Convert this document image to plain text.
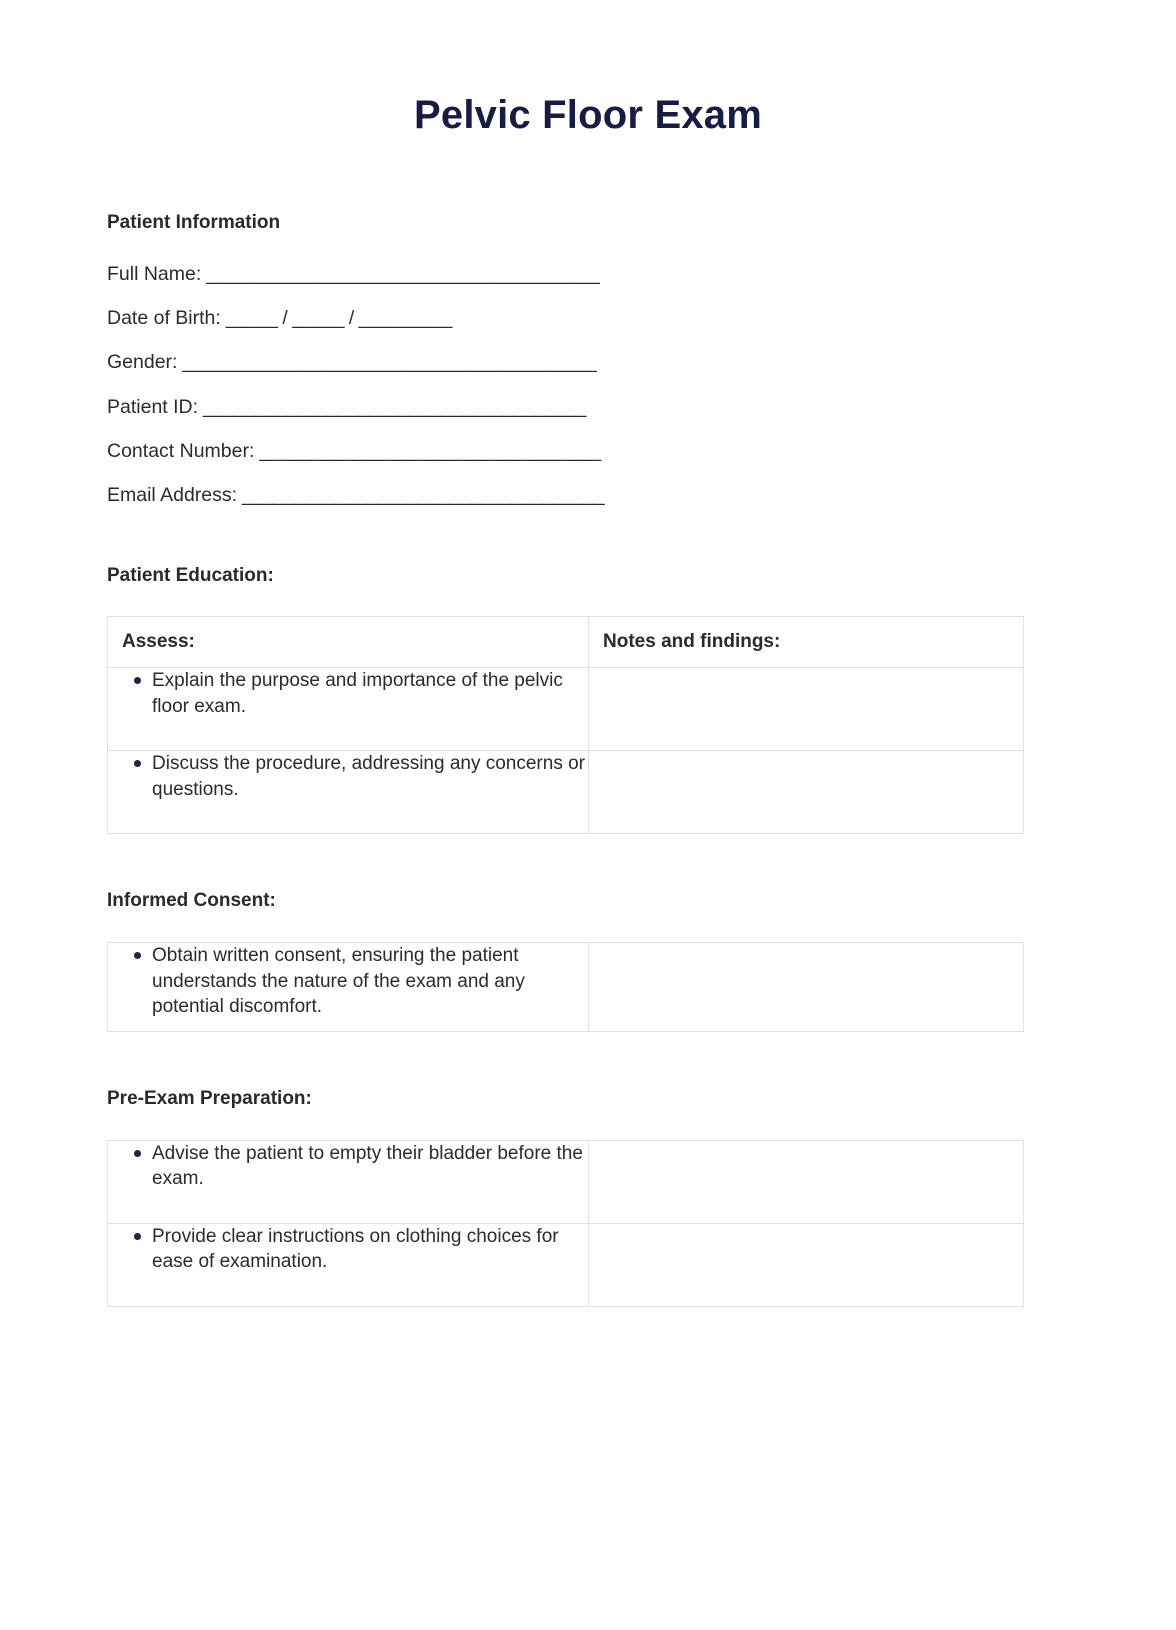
Pelvic Floor Exam
Patient Information
Full Name: ______________________________________
Date of Birth: _____ / _____ / _________
Gender: ________________________________________
Patient ID: _____________________________________
Contact Number: _________________________________
Email Address: ___________________________________
Patient Education:
Assess:	Notes and findings:

Explain the purpose and importance of the pelvic floor exam.	

Discuss the procedure, addressing any concerns or questions.	

Informed Consent:
Obtain written consent, ensuring the patient understands the nature of the exam and any potential discomfort.

Pre-Exam Preparation:
Advise the patient to empty their bladder before the exam.	

Provide clear instructions on clothing choices for ease of examination.	
